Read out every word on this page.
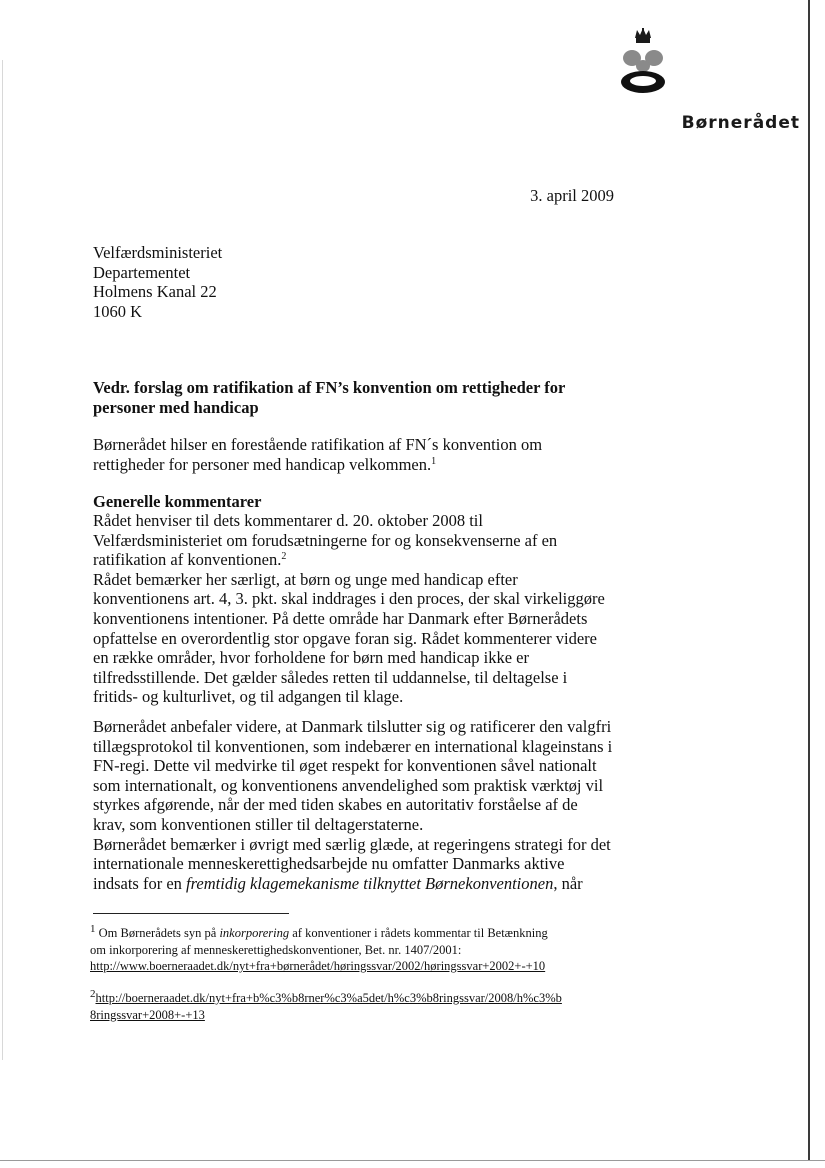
Børnerådet
3. april 2009
Velfærdsministeriet
Departementet
Holmens Kanal 22
1060 K
Vedr. forslag om ratifikation af FN’s konvention om rettigheder for
personer med handicap
Børnerådet hilser en forestående ratifikation af FN´s konvention om
rettigheder for personer med handicap velkommen.$^1$
Generelle kommentarer
Rådet henviser til dets kommentarer d. 20. oktober 2008 til
Velfærdsministeriet om forudsætningerne for og konsekvenserne af en
ratifikation af konventionen.$^2$
Rådet bemærker her særligt, at børn og unge med handicap efter
konventionens art. 4, 3. pkt. skal inddrages i den proces, der skal virkeliggøre
konventionens intentioner. På dette område har Danmark efter Børnerådets
opfattelse en overordentlig stor opgave foran sig. Rådet kommenterer videre
en række områder, hvor forholdene for børn med handicap ikke er
tilfredsstillende. Det gælder således retten til uddannelse, til deltagelse i
fritids- og kulturlivet, og til adgangen til klage.
Børnerådet anbefaler videre, at Danmark tilslutter sig og ratificerer den valgfri
tillægsprotokol til konventionen, som indebærer en international klageinstans i
FN-regi. Dette vil medvirke til øget respekt for konventionen såvel nationalt
som internationalt, og konventionens anvendelighed som praktisk værktøj vil
styrkes afgørende, når der med tiden skabes en autoritativ forståelse af de
krav, som konventionen stiller til deltagerstaterne.
Børnerådet bemærker i øvrigt med særlig glæde, at regeringens strategi for det
internationale menneskerettighedsarbejde nu omfatter Danmarks aktive
indsats for en fremtidig klagemekanisme tilknyttet Børnekonventionen, når
1 Om Børnerådets syn på inkorporering af konventioner i rådets kommentar til Betænkning
om inkorporering af menneskerettighedskonventioner, Bet. nr. 1407/2001:
http://www.boerneraadet.dk/nyt+fra+børnerådet/høringssvar/2002/høringssvar+2002+-+10
2http://boerneraadet.dk/nyt+fra+b%c3%b8rner%c3%a5det/h%c3%b8ringssvar/2008/h%c3%b
8ringssvar+2008+-+13
